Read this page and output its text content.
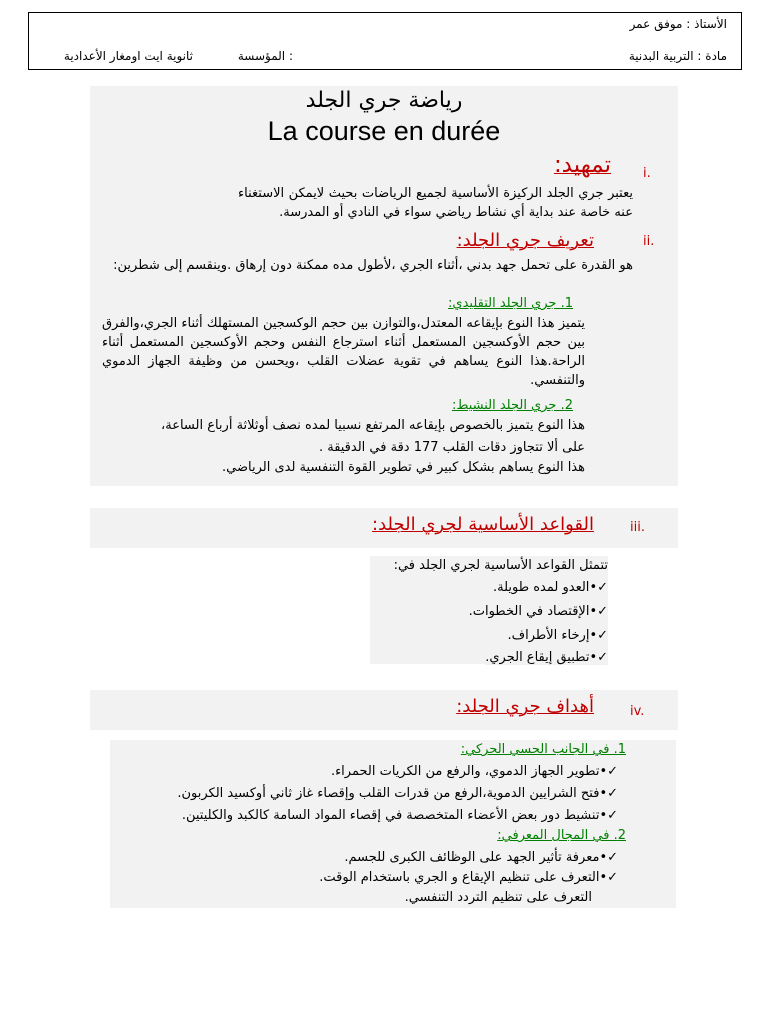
الأستاذ : موفق عمر
مادة : التربية البدنية
المؤسسة :
ثانوية ايت اومغار الأعدادية
رياضة جري الجلد
La course en durée
i.
تمهيد:
يعتبر جري الجلد الركيزة الأساسية لجميع الرياضات بحيث لايمكن الاستغناء عنه خاصة عند بداية أي نشاط رياضي سواء في النادي أو المدرسة.
ii.
تعريف جري الجلد:
هو القدرة على تحمل جهد بدني ،أثناء الجري ،لأطول مده ممكنة دون إرهاق .وينقسم إلى شطرين:
1. جري الجلد التقليدي:
يتميز هذا النوع بإيقاعه المعتدل،والتوازن بين حجم الوكسجين المستهلك أثناء الجري،والفرق بين حجم الأوكسجين المستعمل أثناء استرجاع النفس وحجم الأوكسجين المستعمل أثناء الراحة.هذا النوع يساهم في تقوية عضلات القلب ،ويحسن من وظيفة الجهاز الدموي والتنفسي.
2. جري الجلد النشيط:
هذا النوع يتميز بالخصوص بإيقاعه المرتفع نسبيا لمده نصف أوثلاثة أرباع الساعة،
على ألا تتجاوز دقات القلب 177 دقة في الدقيقة .
هذا النوع يساهم بشكل كبير في تطوير القوة التنفسية لدى الرياضي.
iii.
القواعد الأساسية لجري الجلد:
تتمثل القواعد الأساسية لجري الجلد في:
✓•العدو لمده طويلة.
✓•الإقتصاد في الخطوات.
✓•إرخاء الأطراف.
✓•تطبيق إيقاع الجري.
iv.
أهداف جري الجلد:
1. في الجانب الحسي الحركي:
✓•تطوير الجهاز الدموي، والرفع من الكريات الحمراء.
✓•فتح الشرايين الدموية،الرفع من قدرات القلب وإقصاء غاز ثاني أوكسيد الكربون.
✓•تنشيط دور بعض الأعضاء المتخصصة في إقصاء المواد السامة كالكبد والكليتين.
2. في المجال المعرفي:
✓•معرفة تأثير الجهد على الوظائف الكبرى للجسم.
✓•التعرف على تنظيم الإيقاع و الجري باستخدام الوقت.
التعرف على تنظيم التردد التنفسي.
